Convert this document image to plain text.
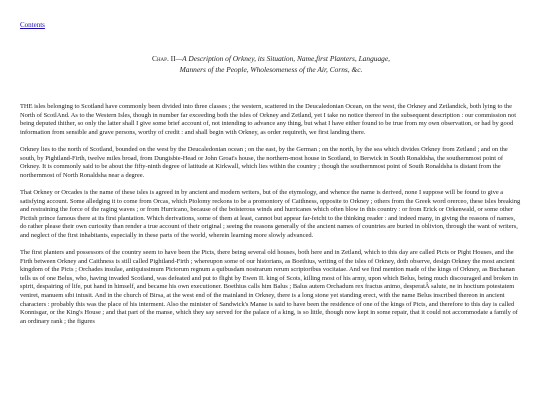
Contents
Chap. II—A Description of Orkney, its Situation, Name,first Planters, Language,
Manners of the People, Wholesomeness of the Air, Corns, &c.

THE isles belonging to Scotland have commonly been divided into three classes ; the western, scattered in the Deucaledonian Ocean, on the west, the Orkney and Zetlandick, both lying to the North of ScotlAnd. As to the Western Isles, though in number far exceeding both the isles of Orkney and Zetland, yet I take no notice thereof in the subsequent description : our commission not being deputed thither, so only the latter shall I give some brief account of, not intending to advance any thing, but what I have either found to be true from my own observation, or had by good information from sensible and grave persons, worthy of credit : and shall begin with Orkney, as order requireth, we first landing there.

Orkney lies to the north of Scotland, bounded on the west by the Deucaledonian ocean ; on the east, by the German ; on the north, by the sea which divides Orkney from Zetland ; and on the south, by Pightland-Firth, twelve miles broad, from Dungisbie-Head or John Groat's house, the northern-most house in Scotland, to Berwick in South Ronaldsha, the southernmost point of Orkney. It is commonly said to be about the fifty-ninth degree of latitude at Kirkwall, which lies within the country ; though the southernmost point of South Ronaldsha is distant from the northernmost of North Ronaldsha near a degree.

That Orkney or Orcades is the name of these isles is agreed in by ancient and modern writers, but of the etymology, and whence the name is derived, none I suppose will be found to give a satisfying account. Some alledging it to come from Orcas, which Ptolomy reckons to be a promontory of Caithness, opposite to Orkney ; others from the Greek word orerceo, these isles breaking and restraining the force of the raging waves ; or from Hurricano, because of the boisterous winds and hurricanes which often blow in this country : or from Erick or Orkenwald, or some other Pictish prince famous there at its first plantation. Which derivations, some of them at least, cannot but appear far-fetcht to the thinking reader : and indeed many, in giving the reasons of names, do rather please their own curiosity than render a true account of their original ; seeing the reasons generally of the ancient names of countries are buried in oblivion, through the want of writers, and neglect of the first inhabitants, especially in these parts of the world, wherein learning more slowly advanced.

The first planters and possessors of the country seem to have been the Picts, there being several old houses, both here and in Zetland, which to this day are called Picts or Pight Houses, and the Firth between Orkney and Caithness is still called Pightland-Firth ; whereupon some of our historians, as Boethius, writing of the isles of Orkney, doth observe, design Orkney the most ancient kingdom of the Picts ; Orchades insulae, antiquissimum Pictorum regnum a quibusdam nostrarum rerum scriptoribus vocitatae. And we find mention made of the kings of Orkney, as Buchanan tells us of one Belus, who, having invaded Scotland, was defeated and put to flight by Ewen II. king of Scots, killing most of his army, upon which Belus, being much discouraged and broken in spirit, despairing of life, put hand in himself, and became his own executioner. Boethius calls him Balus ; Balus autem Orchadum rex fractus animo, desperatÂ salute, ne in hoctium potestatem veniret, manuem sibi intusit. And in the church of Birsa, at the west end of the mainland in Orkney, there is a long stone yet standing erect, with the name Belus inscribed thereon in ancient characters : probably this was the place of his interment. Also the minister of Sandwick's Manse is said to have been the residence of one of the kings of Picts, and therefore to this day is called Konnisgar, or the King's House ; and that part of the manse, which they say served for the palace of a king, is so little, though now kept in some repair, that it could not accommodate a family of an ordinary rank ; the figures
